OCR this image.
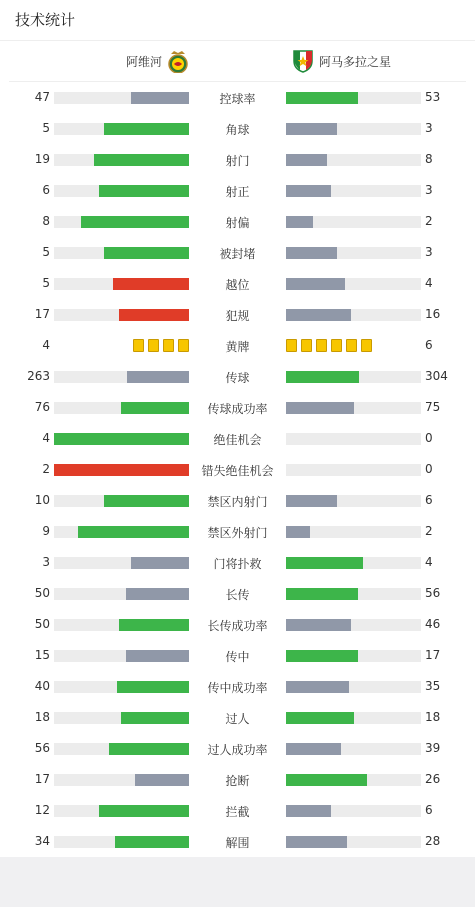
技术统计
阿维河	阿马多拉之星
47	控球率	53
5	角球	3
19	射门	8
6	射正	3
8	射偏	2
5	被封堵	3
5	越位	4
17	犯规	16
4	黄牌	6
263	传球	304
76	传球成功率	75
4	绝佳机会	0
2	错失绝佳机会	0
10	禁区内射门	6
9	禁区外射门	2
3	门将扑救	4
50	长传	56
50	长传成功率	46
15	传中	17
40	传中成功率	35
18	过人	18
56	过人成功率	39
17	抢断	26
12	拦截	6
34	解围	28
